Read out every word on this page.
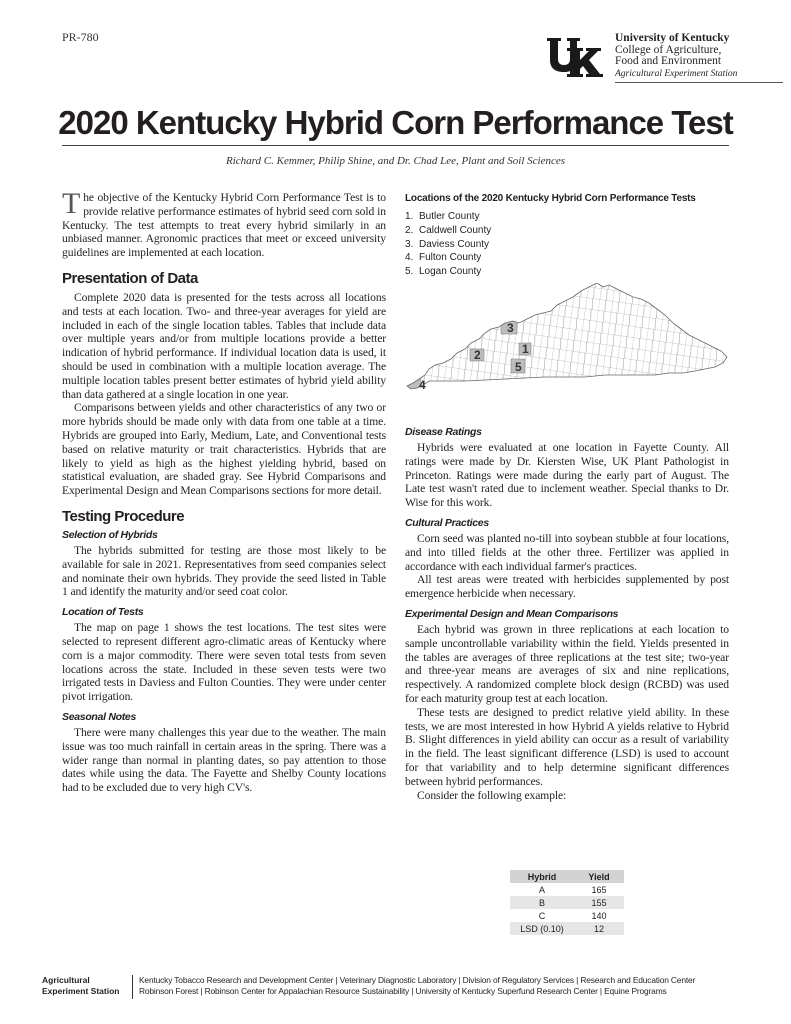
PR-780	University of Kentucky
College of Agriculture,
Food and Environment
Agricultural Experiment Station
2020 Kentucky Hybrid Corn Performance Test
Richard C. Kemmer, Philip Shine, and Dr. Chad Lee, Plant and Soil Sciences

The objective of the Kentucky Hybrid Corn Performance Test is to provide relative performance estimates of hybrid seed corn sold in Kentucky. The test attempts to treat every hybrid similarly in an unbiased manner. Agronomic practices that meet or exceed university guidelines are implemented at each location.

Presentation of Data

Complete 2020 data is presented for the tests across all locations and tests at each location. Two- and three-year averages for yield are included in each of the single location tables. Tables that include data over multiple years and/or from multiple locations provide a better indication of hybrid performance. If individual location data is used, it should be used in combination with a multiple location average. The multiple location tables present better estimates of hybrid yield ability than data gathered at a single location in one year.

Comparisons between yields and other characteristics of any two or more hybrids should be made only with data from one table at a time. Hybrids are grouped into Early, Medium, Late, and Conventional tests based on relative maturity or trait characteristics. Hybrids that are likely to yield as high as the highest yielding hybrid, based on statistical evaluation, are shaded gray. See Hybrid Comparisons and Experimental Design and Mean Comparisons sections for more detail.

Testing Procedure
Selection of Hybrids

The hybrids submitted for testing are those most likely to be available for sale in 2021. Representatives from seed companies select and nominate their own hybrids. They provide the seed listed in Table 1 and identify the maturity and/or seed coat color.

Location of Tests

The map on page 1 shows the test locations. The test sites were selected to represent different agro-climatic areas of Kentucky where corn is a major commodity. There were seven total tests from seven locations across the state. Included in these seven tests were two irrigated tests in Daviess and Fulton Counties. They were under center pivot irrigation.

Seasonal Notes

There were many challenges this year due to the weather. The main issue was too much rainfall in certain areas in the spring. There was a wider range than normal in planting dates, so pay attention to those dates while using the data. The Fayette and Shelby County locations had to be excluded due to very high CV's.

Locations of the 2020 Kentucky Hybrid Corn Performance Tests
1. Butler County
2. Caldwell County
3. Daviess County
4. Fulton County
5. Logan County
3
2	1
5
4
Disease Ratings

Hybrids were evaluated at one location in Fayette County. All ratings were made by Dr. Kiersten Wise, UK Plant Pathologist in Princeton. Ratings were made during the early part of August. The Late test wasn't rated due to inclement weather. Special thanks to Dr. Wise for this work.

Cultural Practices

Corn seed was planted no-till into soybean stubble at four locations, and into tilled fields at the other three. Fertilizer was applied in accordance with each individual farmer's practices.

All test areas were treated with herbicides supplemented by post emergence herbicide when necessary.

Experimental Design and Mean Comparisons

Each hybrid was grown in three replications at each location to sample uncontrollable variability within the field. Yields presented in the tables are averages of three replications at the test site; two-year and three-year means are averages of six and nine replications, respectively. A randomized complete block design (RCBD) was used for each maturity group test at each location.

These tests are designed to predict relative yield ability. In these tests, we are most interested in how Hybrid A yields relative to Hybrid B. Slight differences in yield ability can occur as a result of variability in the field. The least significant difference (LSD) is used to account for that variability and to help determine significant differences between hybrid performances.

Consider the following example:

Hybrid	Yield
A	165
B	155
C	140
LSD (0.10)	12
Agricultural
Experiment Station
Kentucky Tobacco Research and Development Center | Veterinary Diagnostic Laboratory | Division of Regulatory Services | Research and Education Center
Robinson Forest | Robinson Center for Appalachian Resource Sustainability | University of Kentucky Superfund Research Center | Equine Programs
